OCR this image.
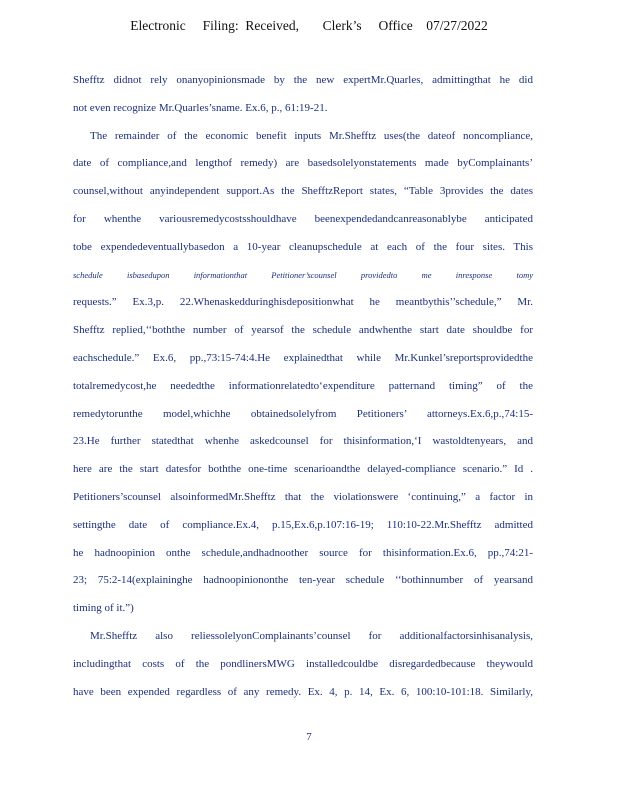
Electronic     Filing:  Received,       Clerk’s     Office    07/27/2022
Shefftz didnot rely onanyopinionsmade by the new expertMr.Quarles, admittingthat he did
not even recognize Mr.Quarles’sname. Ex.6, p., 61:19-21.
The remainder of the economic benefit inputs Mr.Shefftz uses(the dateof noncompliance,
date of compliance,and lengthof remedy) are basedsolelyonstatements made byComplainants’
counsel,without anyindependent support.As the ShefftzReport states, “Table 3provides the dates
for whenthe variousremedycostsshouldhave beenexpendedandcanreasonablybe anticipated
tobe expendedeventuallybasedon a 10-year cleanupschedule at each of the four sites. This
schedule isbasedupon informationthat Petitioner’scounsel providedto me inresponse tomy
requests.” Ex.3,p. 22.Whenaskedduringhisdepositionwhat he meantbythis’’schedule,” Mr.
Shefftz replied,‘‘boththe number of yearsof the schedule andwhenthe start date shouldbe for
eachschedule.” Ex.6, pp.,73:15-74:4.He explainedthat while Mr.Kunkel’sreportsprovidedthe
totalremedycost,he neededthe informationrelatedto‘expenditure patternand timing” of the
remedytorunthe model,whichhe obtainedsolelyfrom Petitioners’ attorneys.Ex.6,p.,74:15-
23.He further statedthat whenhe askedcounsel for thisinformation,‘I wastoldtenyears, and
here are the start datesfor boththe one-time scenarioandthe delayed-compliance scenario.” Id .
Petitioners’scounsel alsoinformedMr.Shefftz that the violationswere ‘continuing,” a factor in
settingthe date of compliance.Ex.4, p.15,Ex.6,p.107:16-19; 110:10-22.Mr.Shefftz admitted
he hadnoopinion onthe schedule,andhadnoother source for thisinformation.Ex.6, pp.,74:21-
23; 75:2-14(explaininghe hadnoopiniononthe ten-year schedule ‘‘bothinnumber of yearsand
timing of it.”)
Mr.Shefftz also reliessolelyonComplainants’counsel for additionalfactorsinhisanalysis,
includingthat costs of the pondlinersMWG installedcouldbe disregardedbecause theywould
have been expended regardless of any remedy. Ex. 4, p. 14, Ex. 6, 100:10-101:18. Similarly,
7
